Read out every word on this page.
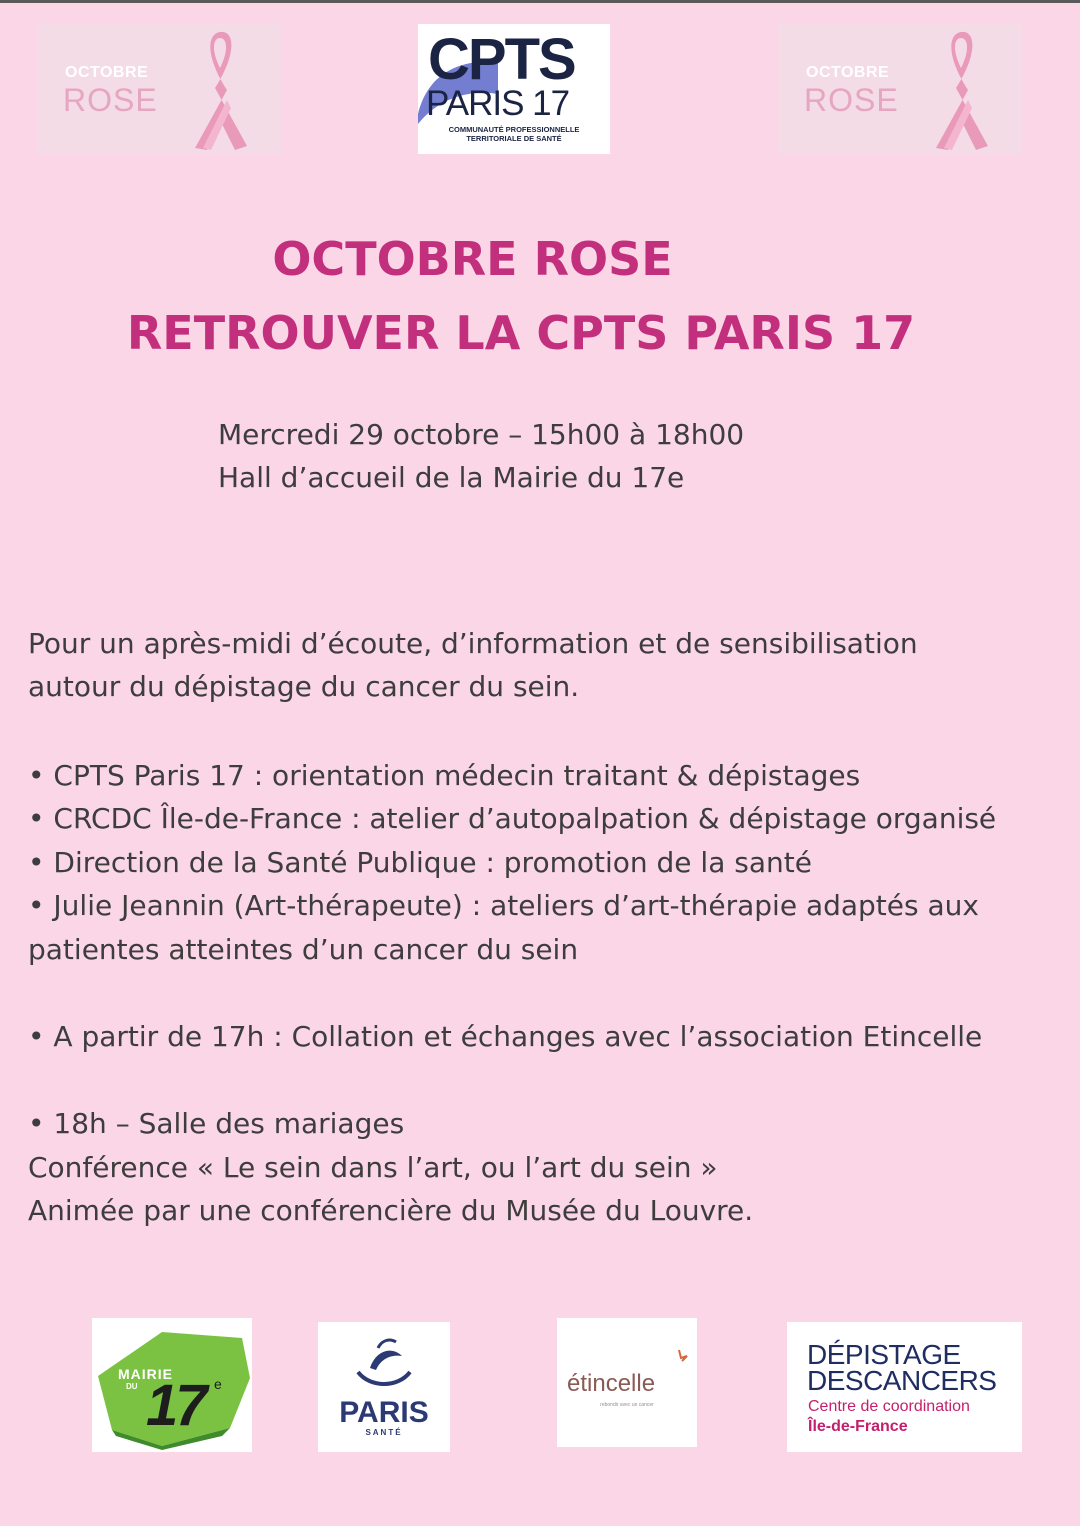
OCTOBRE
ROSE
CPTS
PARIS 17
COMMUNAUTÉ PROFESSIONNELLE
TERRITORIALE DE SANTÉ
OCTOBRE
ROSE
OCTOBRE ROSE
RETROUVER LA CPTS PARIS 17
Mercredi 29 octobre – 15h00 à 18h00
Hall d’accueil de la Mairie du 17e
Pour un après-midi d’écoute, d’information et de sensibilisation
autour du dépistage du cancer du sein.
• CPTS Paris 17 : orientation médecin traitant & dépistages
• CRCDC Île-de-France : atelier d’autopalpation & dépistage organisé
• Direction de la Santé Publique : promotion de la santé
• Julie Jeannin (Art-thérapeute) : ateliers d’art-thérapie adaptés aux
patientes atteintes d’un cancer du sein
• A partir de 17h : Collation et échanges avec l’association Etincelle
• 18h – Salle des mariages
Conférence « Le sein dans l’art, ou l’art du sein »
Animée par une conférencière du Musée du Louvre.
MAIRIE
DU 17 e
PARIS
SANTÉ
étincelle
rebondir avec un cancer
DÉPISTAGE
DESCANCERS
Centre de coordination
Île-de-France
